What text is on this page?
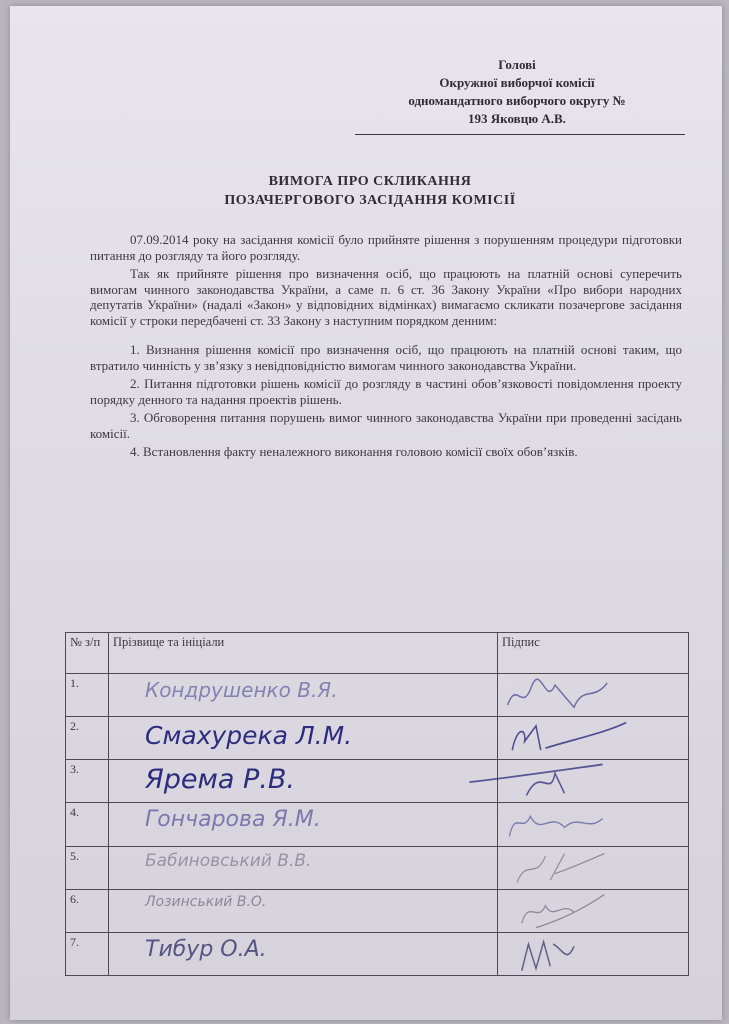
Голові
Окружної виборчої комісії
одномандатного виборчого округу №
193 Яковцю А.В.
ВИМОГА ПРО СКЛИКАННЯ
ПОЗАЧЕРГОВОГО ЗАСІДАННЯ КОМІСІЇ

07.09.2014 року на засідання комісії було прийняте рішення з порушенням процедури підготовки питання до розгляду та його розгляду.

Так як прийняте рішення про визначення осіб, що працюють на платній основі суперечить вимогам чинного законодавства України, а саме п. 6 ст. 36 Закону України «Про вибори народних депутатів України» (надалі «Закон» у відповідних відмінках) вимагаємо скликати позачергове засідання комісії у строки передбачені ст. 33 Закону з наступним порядком денним:

1. Визнання рішення комісії про визначення осіб, що працюють на платній основі таким, що втратило чинність у зв’язку з невідповідністю вимогам чинного законодавства України.
2. Питання підготовки рішень комісії до розгляду в частині обов’язковості повідомлення проекту порядку денного та надання проектів рішень.
3. Обговорення питання порушень вимог чинного законодавства України при проведенні засідань комісії.
4. Встановлення факту неналежного виконання головою комісії своїх обов’язків.
№ з/п	Прізвище та ініціали	Підпис
1.	Кондрушенко В.Я.

2.	Смахурека Л.М.

3.	Ярема Р.В.

4.	Гончарова Я.М.

5.	Бабиновський В.В.

6.	Лозинський В.О.

7.	Тибур О.А.
